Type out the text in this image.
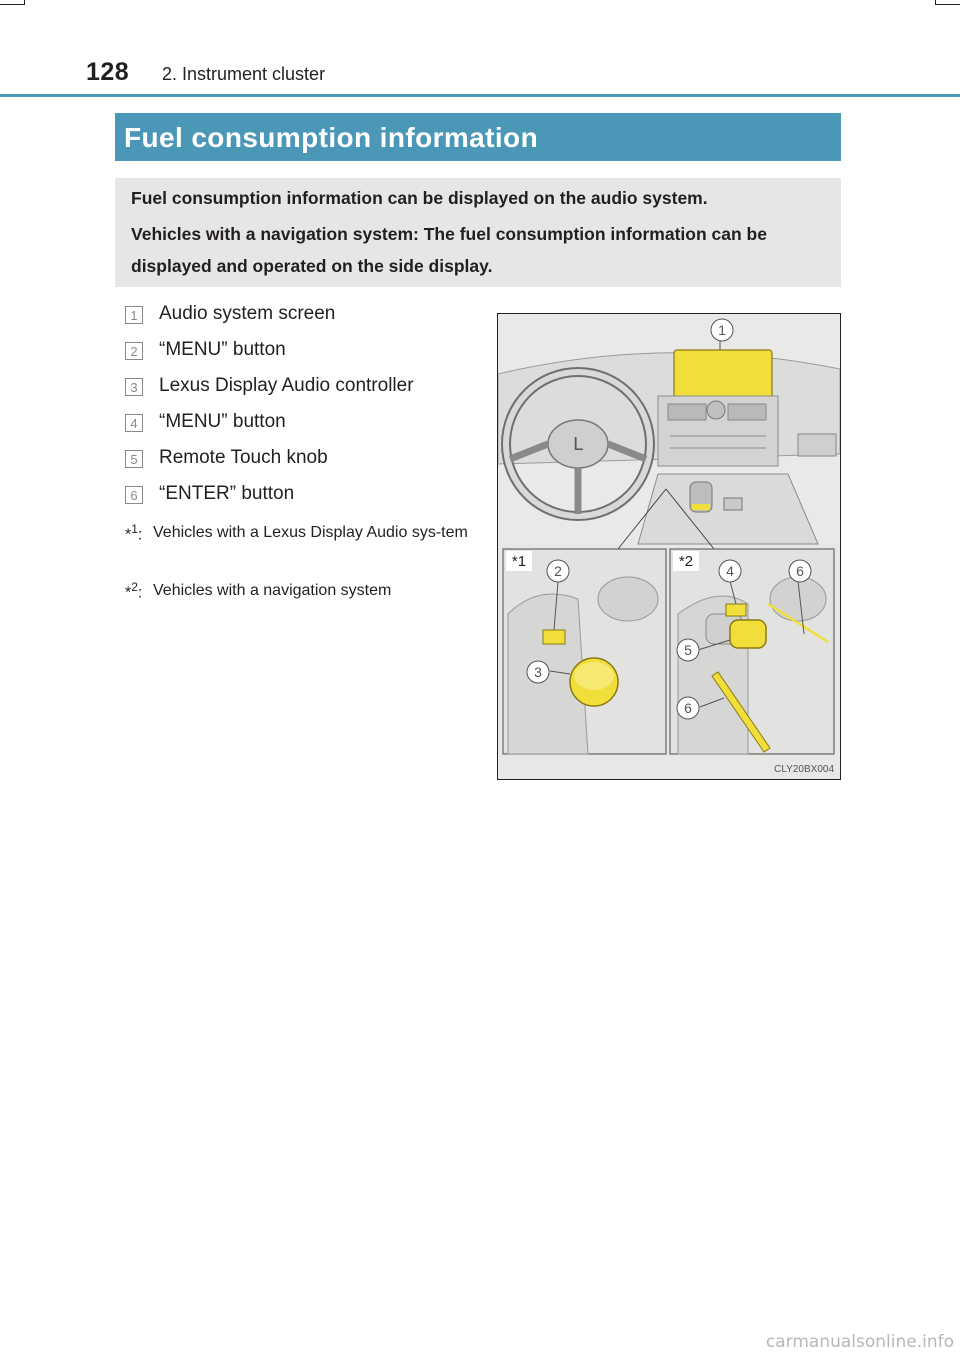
128 2. Instrument cluster
Fuel consumption information

Fuel consumption information can be displayed on the audio system.

Vehicles with a navigation system: The fuel consumption information can be displayed and operated on the side display.

1 Audio system screen
2 “MENU” button
3 Lexus Display Audio controller
4 “MENU” button
5 Remote Touch knob
6 “ENTER” button
*$^1$: Vehicles with a Lexus Display Audio sys-tem
*$^2$: Vehicles with a navigation system
L
*1	*2
1
2
3
4	6
5
6
CLY20BX004
carmanualsonline.info
